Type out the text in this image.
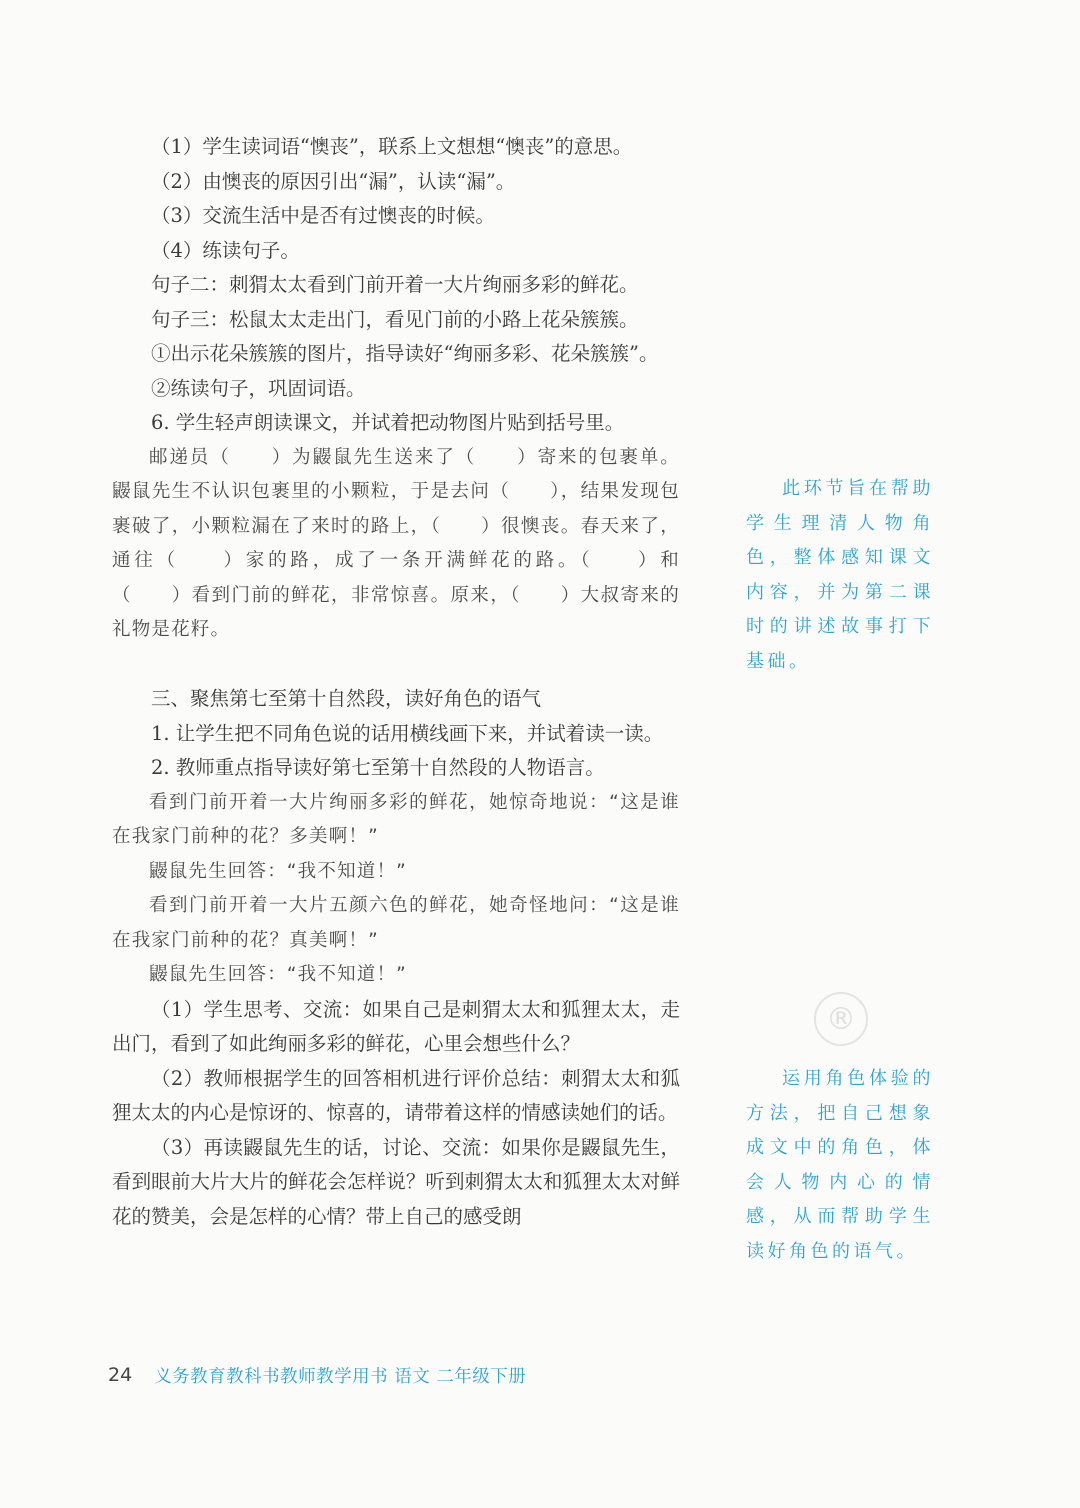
（1）学生读词语“懊丧”，联系上文想想“懊丧”的意思。

（2）由懊丧的原因引出“漏”，认读“漏”。

（3）交流生活中是否有过懊丧的时候。

（4）练读句子。

句子二：刺猬太太看到门前开着一大片绚丽多彩的鲜花。

句子三：松鼠太太走出门，看见门前的小路上花朵簇簇。

①出示花朵簇簇的图片，指导读好“绚丽多彩、花朵簇簇”。

②练读句子，巩固词语。

6. 学生轻声朗读课文，并试着把动物图片贴到括号里。

邮递员（　　）为鼹鼠先生送来了（　　）寄来的包裹单。鼹鼠先生不认识包裹里的小颗粒，于是去问（　　），结果发现包裹破了，小颗粒漏在了来时的路上，（　　）很懊丧。春天来了，通往（　　）家的路，成了一条开满鲜花的路。（　　）和（　　）看到门前的鲜花，非常惊喜。原来，（　　）大叔寄来的礼物是花籽。

三、聚焦第七至第十自然段，读好角色的语气

1. 让学生把不同角色说的话用横线画下来，并试着读一读。

2. 教师重点指导读好第七至第十自然段的人物语言。

看到门前开着一大片绚丽多彩的鲜花，她惊奇地说：“这是谁在我家门前种的花？多美啊！”

鼹鼠先生回答：“我不知道！”

看到门前开着一大片五颜六色的鲜花，她奇怪地问：“这是谁在我家门前种的花？真美啊！”

鼹鼠先生回答：“我不知道！”

（1）学生思考、交流：如果自己是刺猬太太和狐狸太太，走出门，看到了如此绚丽多彩的鲜花，心里会想些什么？

（2）教师根据学生的回答相机进行评价总结：刺猬太太和狐狸太太的内心是惊讶的、惊喜的，请带着这样的情感读她们的话。

（3）再读鼹鼠先生的话，讨论、交流：如果你是鼹鼠先生，看到眼前大片大片的鲜花会怎样说？听到刺猬太太和狐狸太太对鲜花的赞美，会是怎样的心情？带上自己的感受朗

此环节旨在帮助学生理清人物角色，整体感知课文内容，并为第二课时的讲述故事打下基础。

运用角色体验的方法，把自己想象成文中的角色，体会人物内心的情感，从而帮助学生读好角色的语气。

®
24 义务教育教科书教师教学用书 语文 二年级下册
